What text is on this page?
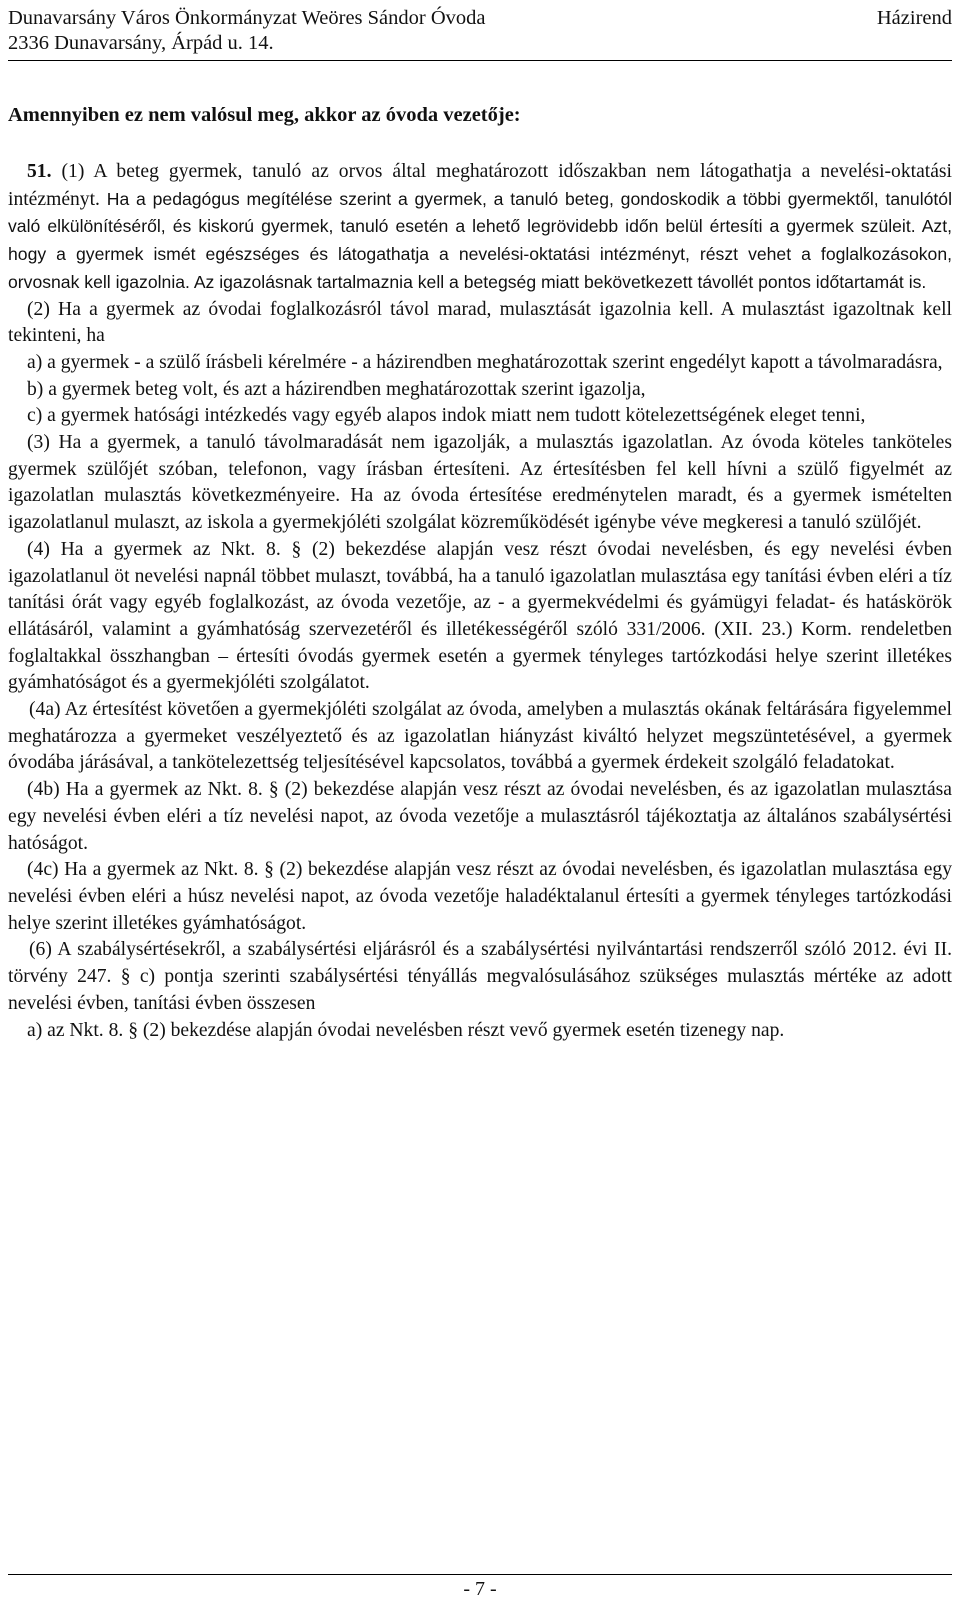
Dunavarsány Város Önkormányzat Weöres Sándor Óvoda
2336 Dunavarsány, Árpád u. 14.
Házirend
Amennyiben ez nem valósul meg, akkor az óvoda vezetője:

51. (1) A beteg gyermek, tanuló az orvos által meghatározott időszakban nem látogathatja a nevelési-oktatási intézményt. Ha a pedagógus megítélése szerint a gyermek, a tanuló beteg, gondoskodik a többi gyermektől, tanulótól való elkülönítéséről, és kiskorú gyermek, tanuló esetén a lehető legrövidebb időn belül értesíti a gyermek szüleit. Azt, hogy a gyermek ismét egészséges és látogathatja a nevelési-oktatási intézményt, részt vehet a foglalkozásokon, orvosnak kell igazolnia. Az igazolásnak tartalmaznia kell a betegség miatt bekövetkezett távollét pontos időtartamát is.

(2) Ha a gyermek az óvodai foglalkozásról távol marad, mulasztását igazolnia kell. A mulasztást igazoltnak kell tekinteni, ha

a) a gyermek - a szülő írásbeli kérelmére - a házirendben meghatározottak szerint engedélyt kapott a távolmaradásra,

b) a gyermek beteg volt, és azt a házirendben meghatározottak szerint igazolja,

c) a gyermek hatósági intézkedés vagy egyéb alapos indok miatt nem tudott kötelezettségének eleget tenni,

(3) Ha a gyermek, a tanuló távolmaradását nem igazolják, a mulasztás igazolatlan. Az óvoda köteles tanköteles gyermek szülőjét szóban, telefonon, vagy írásban értesíteni. Az értesítésben fel kell hívni a szülő figyelmét az igazolatlan mulasztás következményeire. Ha az óvoda értesítése eredménytelen maradt, és a gyermek ismételten igazolatlanul mulaszt, az iskola a gyermekjóléti szolgálat közreműködését igénybe véve megkeresi a tanuló szülőjét.

(4) Ha a gyermek az Nkt. 8. § (2) bekezdése alapján vesz részt óvodai nevelésben, és egy nevelési évben igazolatlanul öt nevelési napnál többet mulaszt, továbbá, ha a tanuló igazolatlan mulasztása egy tanítási évben eléri a tíz tanítási órát vagy egyéb foglalkozást, az óvoda vezetője, az - a gyermekvédelmi és gyámügyi feladat- és hatáskörök ellátásáról, valamint a gyámhatóság szervezetéről és illetékességéről szóló 331/2006. (XII. 23.) Korm. rendeletben foglaltakkal összhangban – értesíti óvodás gyermek esetén a gyermek tényleges tartózkodási helye szerint illetékes gyámhatóságot és a gyermekjóléti szolgálatot.

(4a) Az értesítést követően a gyermekjóléti szolgálat az óvoda, amelyben a mulasztás okának feltárására figyelemmel meghatározza a gyermeket veszélyeztető és az igazolatlan hiányzást kiváltó helyzet megszüntetésével, a gyermek óvodába járásával, a tankötelezettség teljesítésével kapcsolatos, továbbá a gyermek érdekeit szolgáló feladatokat.

(4b) Ha a gyermek az Nkt. 8. § (2) bekezdése alapján vesz részt az óvodai nevelésben, és az igazolatlan mulasztása egy nevelési évben eléri a tíz nevelési napot, az óvoda vezetője a mulasztásról tájékoztatja az általános szabálysértési hatóságot.

(4c) Ha a gyermek az Nkt. 8. § (2) bekezdése alapján vesz részt az óvodai nevelésben, és igazolatlan mulasztása egy nevelési évben eléri a húsz nevelési napot, az óvoda vezetője haladéktalanul értesíti a gyermek tényleges tartózkodási helye szerint illetékes gyámhatóságot.

(6) A szabálysértésekről, a szabálysértési eljárásról és a szabálysértési nyilvántartási rendszerről szóló 2012. évi II. törvény 247. § c) pontja szerinti szabálysértési tényállás megvalósulásához szükséges mulasztás mértéke az adott nevelési évben, tanítási évben összesen

a) az Nkt. 8. § (2) bekezdése alapján óvodai nevelésben részt vevő gyermek esetén tizenegy nap.

- 7 -
